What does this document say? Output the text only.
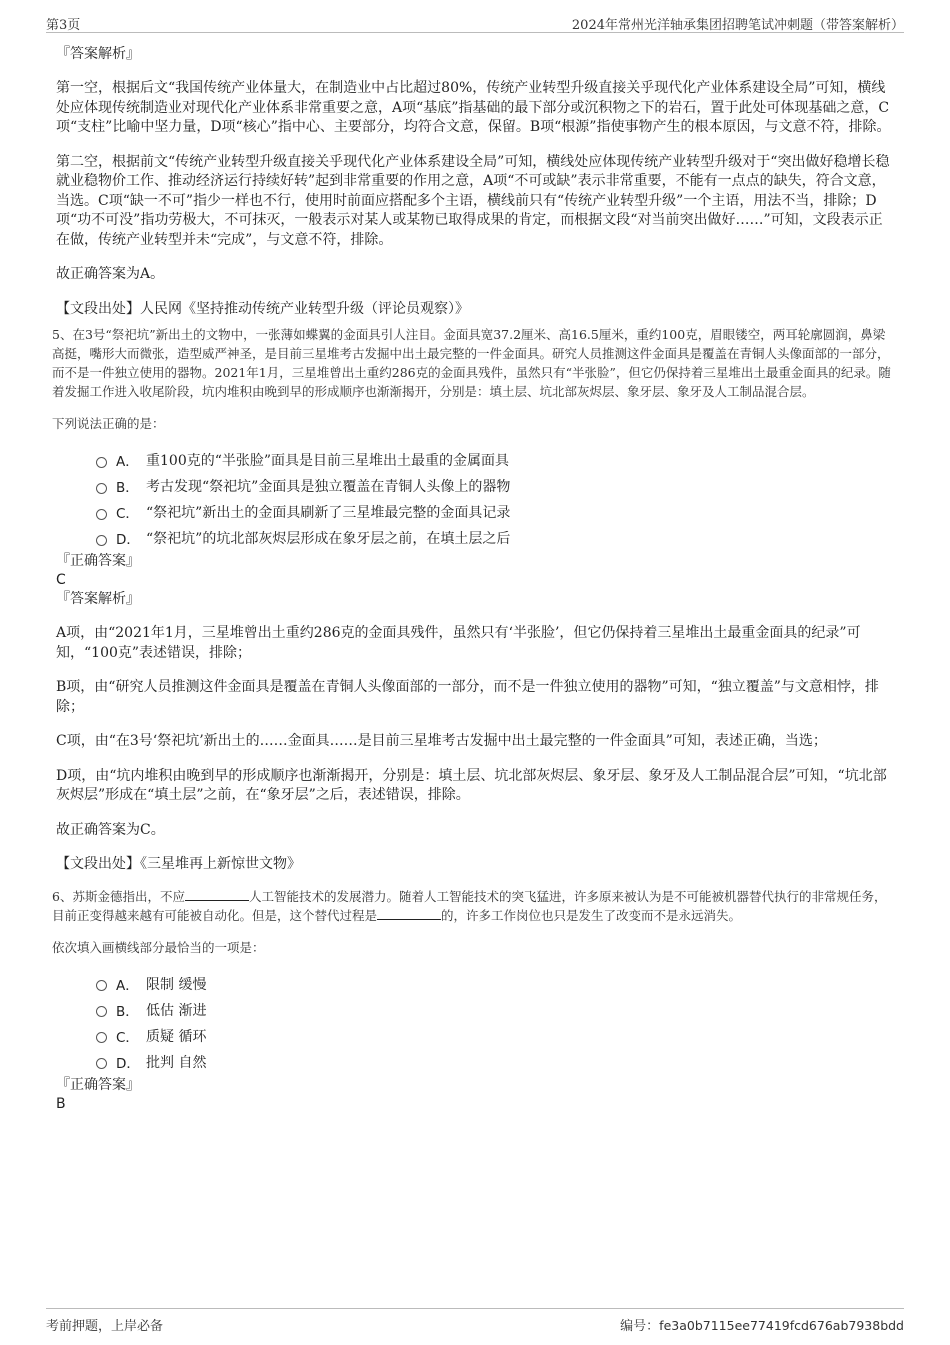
第3页	2024年常州光洋轴承集团招聘笔试冲刺题（带答案解析）

『答案解析』

第一空，根据后文“我国传统产业体量大，在制造业中占比超过80%，传统产业转型升级直接关乎现代化产业体系建设全局”可知，横线处应体现传统制造业对现代化产业体系非常重要之意，A项“基底”指基础的最下部分或沉积物之下的岩石，置于此处可体现基础之意，C项“支柱”比喻中坚力量，D项“核心”指中心、主要部分，均符合文意，保留。B项“根源”指使事物产生的根本原因，与文意不符，排除。

第二空，根据前文“传统产业转型升级直接关乎现代化产业体系建设全局”可知，横线处应体现传统产业转型升级对于“突出做好稳增长稳就业稳物价工作、推动经济运行持续好转”起到非常重要的作用之意，A项“不可或缺”表示非常重要，不能有一点点的缺失，符合文意，当选。C项“缺一不可”指少一样也不行，使用时前面应搭配多个主语，横线前只有“传统产业转型升级”一个主语，用法不当，排除；D项“功不可没”指功劳极大，不可抹灭，一般表示对某人或某物已取得成果的肯定，而根据文段“对当前突出做好……”可知，文段表示正在做，传统产业转型并未“完成”，与文意不符，排除。

故正确答案为A。

【文段出处】人民网《坚持推动传统产业转型升级（评论员观察）》

5、在3号“祭祀坑”新出土的文物中，一张薄如蝶翼的金面具引人注目。金面具宽37.2厘米、高16.5厘米，重约100克，眉眼镂空，两耳轮廓圆润，鼻梁高挺，嘴形大而微张，造型威严神圣，是目前三星堆考古发掘中出土最完整的一件金面具。研究人员推测这件金面具是覆盖在青铜人头像面部的一部分，而不是一件独立使用的器物。2021年1月，三星堆曾出土重约286克的金面具残件，虽然只有“半张脸”，但它仍保持着三星堆出土最重金面具的纪录。随着发掘工作进入收尾阶段，坑内堆积由晚到早的形成顺序也渐渐揭开，分别是：填土层、坑北部灰烬层、象牙层、象牙及人工制品混合层。

下列说法正确的是：

A． 重100克的“半张脸”面具是目前三星堆出土最重的金属面具
B． 考古发现“祭祀坑”金面具是独立覆盖在青铜人头像上的器物
C． “祭祀坑”新出土的金面具刷新了三星堆最完整的金面具记录
D． “祭祀坑”的坑北部灰烬层形成在象牙层之前，在填土层之后

『正确答案』

C

『答案解析』

A项，由“2021年1月，三星堆曾出土重约286克的金面具残件，虽然只有‘半张脸’，但它仍保持着三星堆出土最重金面具的纪录”可知，“100克”表述错误，排除；

B项，由“研究人员推测这件金面具是覆盖在青铜人头像面部的一部分，而不是一件独立使用的器物”可知，“独立覆盖”与文意相悖，排除；

C项，由“在3号‘祭祀坑’新出土的……金面具……是目前三星堆考古发掘中出土最完整的一件金面具”可知，表述正确，当选；

D项，由“坑内堆积由晚到早的形成顺序也渐渐揭开，分别是：填土层、坑北部灰烬层、象牙层、象牙及人工制品混合层”可知，“坑北部灰烬层”形成在“填土层”之前，在“象牙层”之后，表述错误，排除。

故正确答案为C。

【文段出处】《三星堆再上新惊世文物》

6、苏斯金德指出，不应	人工智能技术的发展潜力。随着人工智能技术的突飞猛进，许多原来被认为是不可能被机器替代执行的非常规任务，目前正变得越来越有可能被自动化。但是，这个替代过程是	的，许多工作岗位也只是发生了改变而不是永远消失。

依次填入画横线部分最恰当的一项是：

A． 限制 缓慢
B． 低估 渐进
C． 质疑 循环
D． 批判 自然

『正确答案』

B

考前押题，上岸必备	编号：fe3a0b7115ee77419fcd676ab7938bdd
